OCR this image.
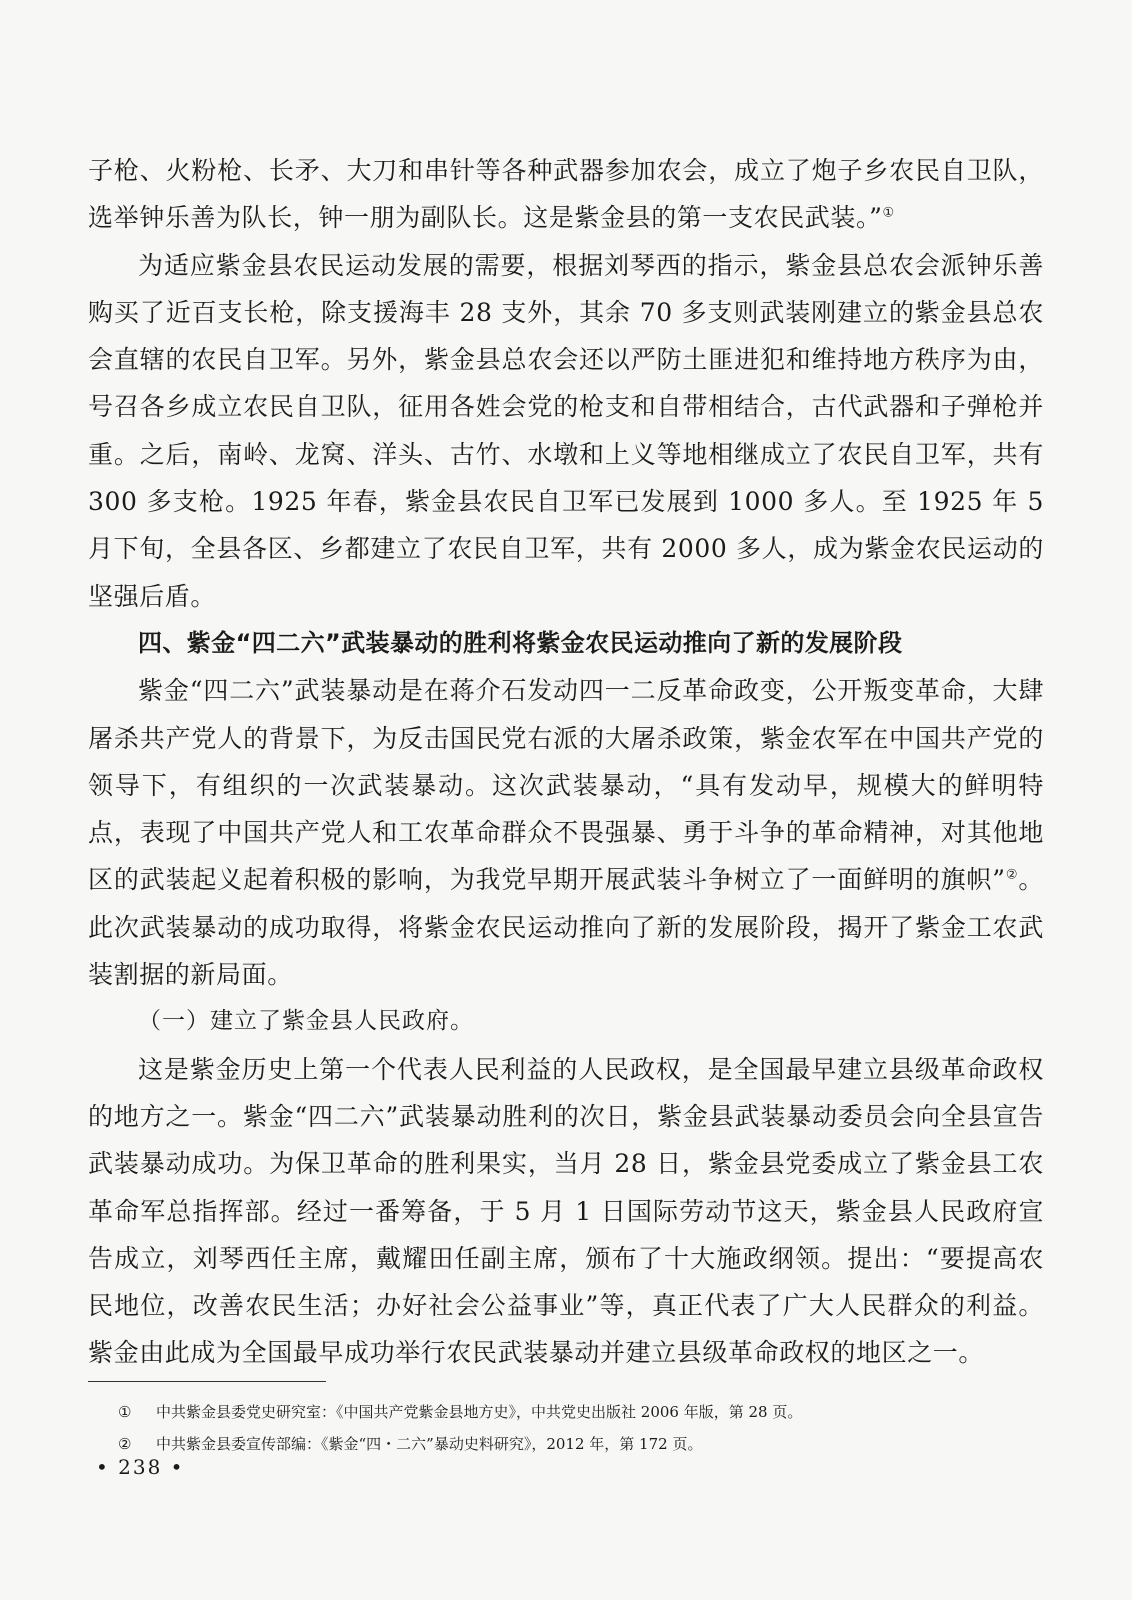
子枪、火粉枪、长矛、大刀和串针等各种武器参加农会，成立了炮子乡农民自卫队，选举钟乐善为队长，钟一朋为副队长。这是紫金县的第一支农民武装。”①

为适应紫金县农民运动发展的需要，根据刘琴西的指示，紫金县总农会派钟乐善购买了近百支长枪，除支援海丰 28 支外，其余 70 多支则武装刚建立的紫金县总农会直辖的农民自卫军。另外，紫金县总农会还以严防土匪进犯和维持地方秩序为由，号召各乡成立农民自卫队，征用各姓会党的枪支和自带相结合，古代武器和子弹枪并重。之后，南岭、龙窝、洋头、古竹、水墩和上义等地相继成立了农民自卫军，共有 300 多支枪。1925 年春，紫金县农民自卫军已发展到 1000 多人。至 1925 年 5 月下旬，全县各区、乡都建立了农民自卫军，共有 2000 多人，成为紫金农民运动的坚强后盾。

四、紫金“四二六”武装暴动的胜利将紫金农民运动推向了新的发展阶段

紫金“四二六”武装暴动是在蒋介石发动四一二反革命政变，公开叛变革命，大肆屠杀共产党人的背景下，为反击国民党右派的大屠杀政策，紫金农军在中国共产党的领导下，有组织的一次武装暴动。这次武装暴动，“具有发动早，规模大的鲜明特点，表现了中国共产党人和工农革命群众不畏强暴、勇于斗争的革命精神，对其他地区的武装起义起着积极的影响，为我党早期开展武装斗争树立了一面鲜明的旗帜”②。此次武装暴动的成功取得，将紫金农民运动推向了新的发展阶段，揭开了紫金工农武装割据的新局面。

（一）建立了紫金县人民政府。

这是紫金历史上第一个代表人民利益的人民政权，是全国最早建立县级革命政权的地方之一。紫金“四二六”武装暴动胜利的次日，紫金县武装暴动委员会向全县宣告武装暴动成功。为保卫革命的胜利果实，当月 28 日，紫金县党委成立了紫金县工农革命军总指挥部。经过一番筹备，于 5 月 1 日国际劳动节这天，紫金县人民政府宣告成立，刘琴西任主席，戴耀田任副主席，颁布了十大施政纲领。提出：“要提高农民地位，改善农民生活；办好社会公益事业”等，真正代表了广大人民群众的利益。紫金由此成为全国最早成功举行农民武装暴动并建立县级革命政权的地区之一。

①	中共紫金县委党史研究室：《中国共产党紫金县地方史》，中共党史出版社 2006 年版，第 28 页。
②	中共紫金县委宣传部编：《紫金“四・二六”暴动史料研究》，2012 年，第 172 页。
• 238 •
